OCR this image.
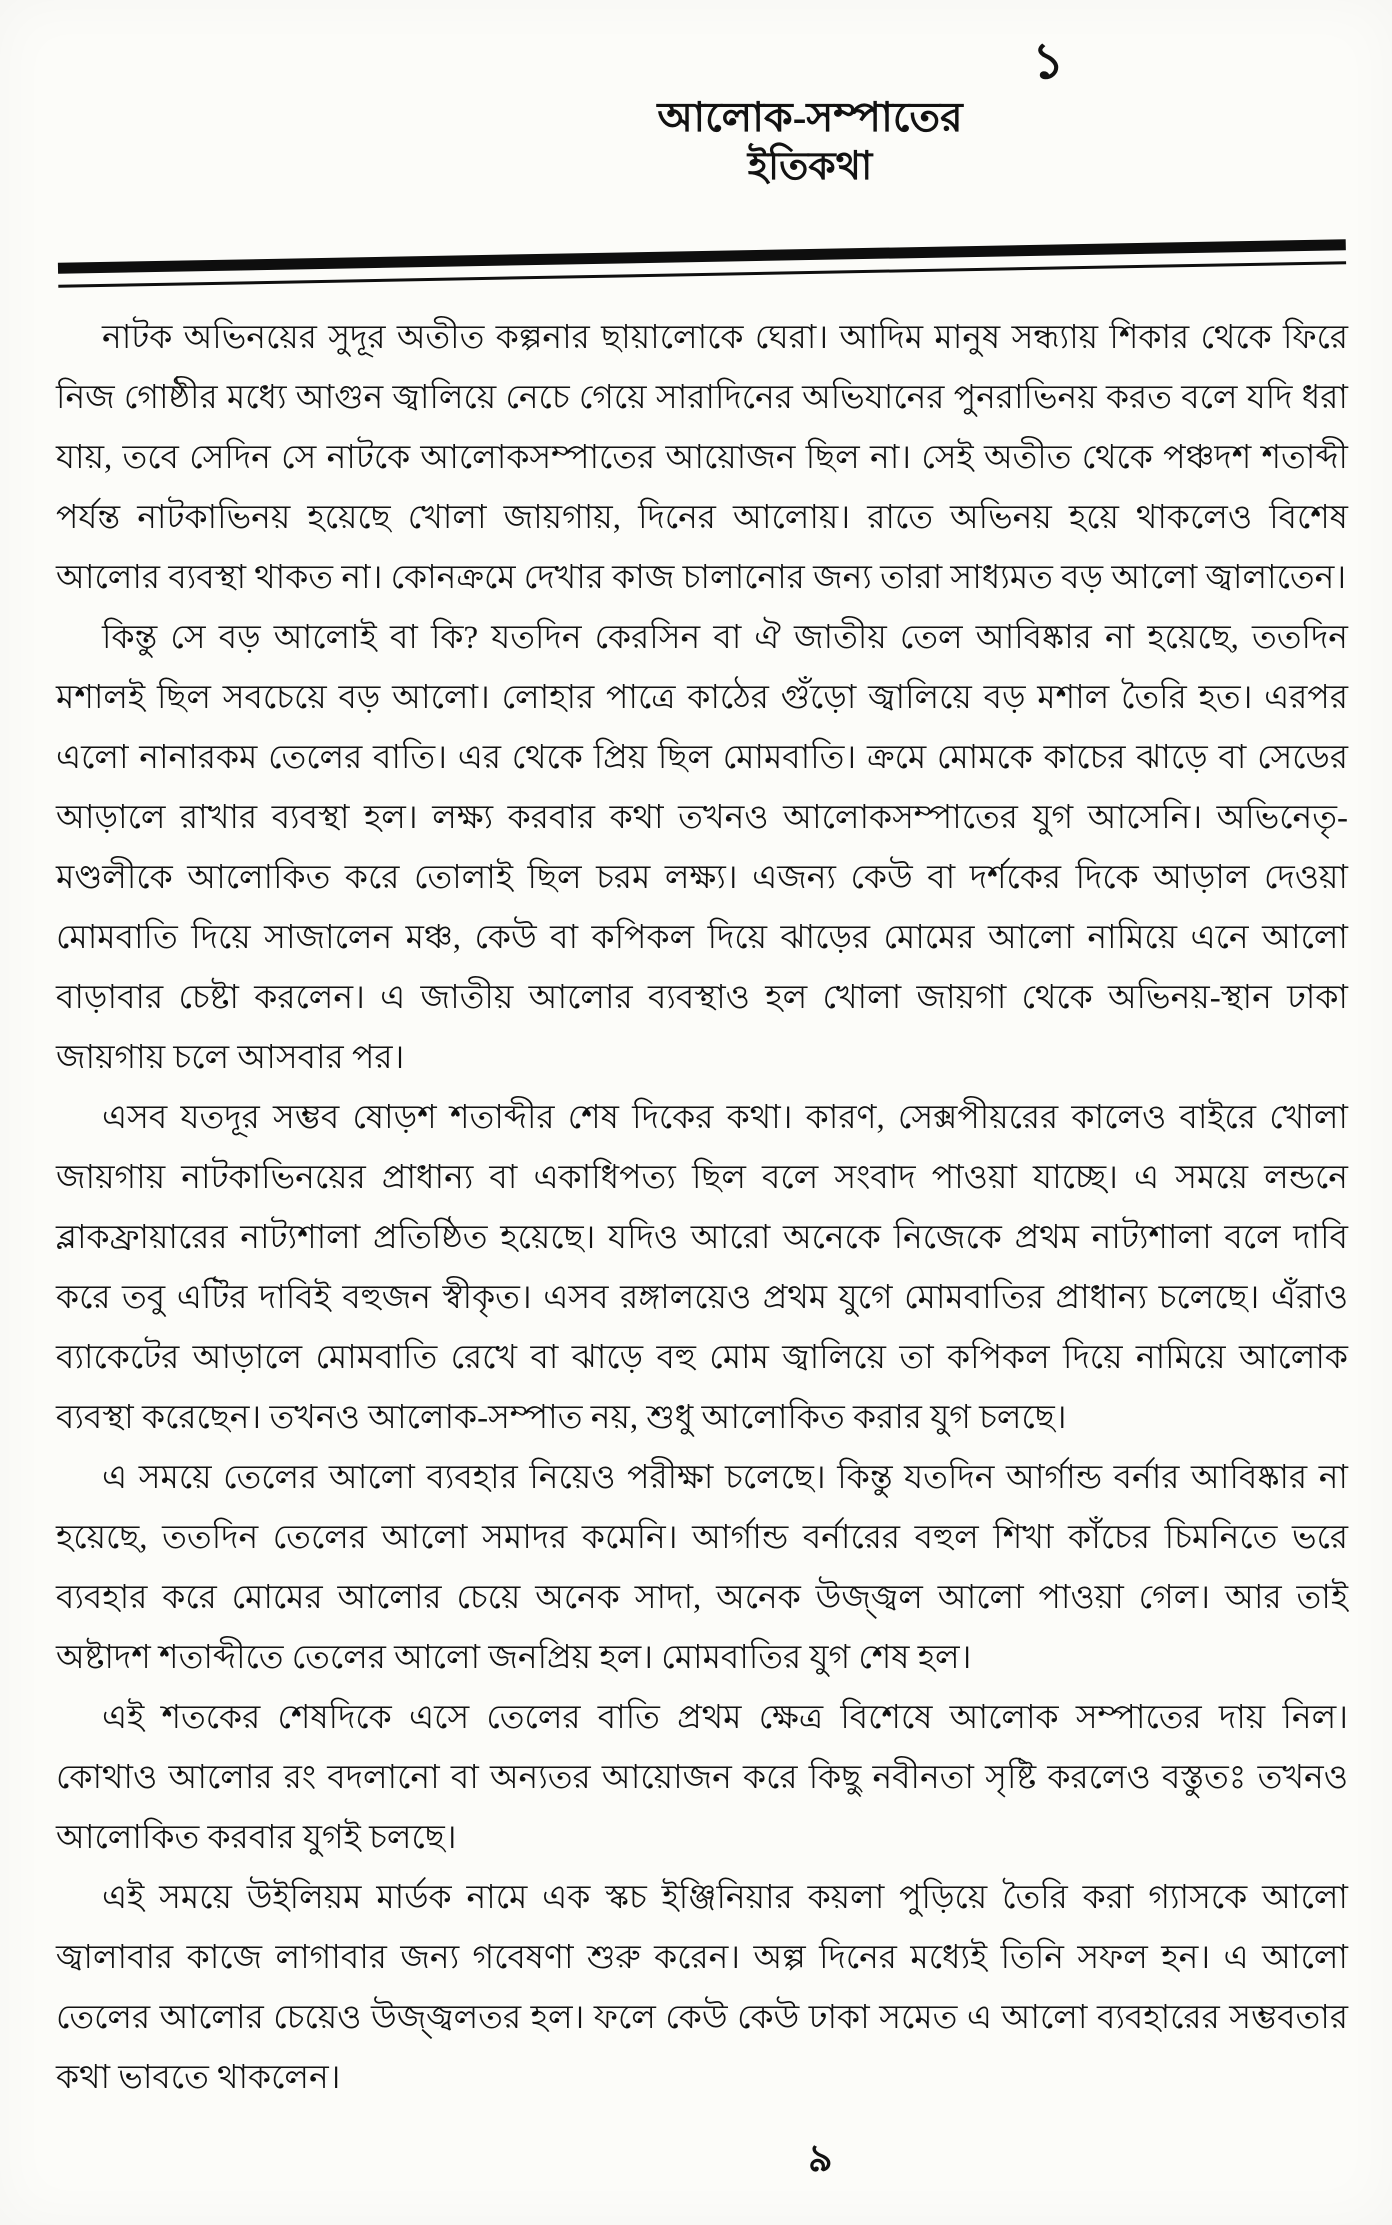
১
আলোক-সম্পাতের
ইতিকথা

নাটক অভিনয়ের সুদূর অতীত কল্পনার ছায়ালোকে ঘেরা। আদিম মানুষ সন্ধ্যায় শিকার থেকে ফিরে নিজ গোষ্ঠীর মধ্যে আগুন জ্বালিয়ে নেচে গেয়ে সারাদিনের অভিযানের পুনরাভিনয় করত বলে যদি ধরা যায়, তবে সেদিন সে নাটকে আলোকসম্পাতের আয়োজন ছিল না। সেই অতীত থেকে পঞ্চদশ শতাব্দী পর্যন্ত নাটকাভিনয় হয়েছে খোলা জায়গায়, দিনের আলোয়। রাতে অভিনয় হয়ে থাকলেও বিশেষ আলোর ব্যবস্থা থাকত না। কোনক্রমে দেখার কাজ চালানোর জন্য তারা সাধ্যমত বড় আলো জ্বালাতেন।

কিন্তু সে বড় আলোই বা কি? যতদিন কেরসিন বা ঐ জাতীয় তেল আবিষ্কার না হয়েছে, ততদিন মশালই ছিল সবচেয়ে বড় আলো। লোহার পাত্রে কাঠের গুঁড়ো জ্বালিয়ে বড় মশাল তৈরি হত। এরপর এলো নানারকম তেলের বাতি। এর থেকে প্রিয় ছিল মোমবাতি। ক্রমে মোমকে কাচের ঝাড়ে বা সেডের আড়ালে রাখার ব্যবস্থা হল। লক্ষ্য করবার কথা তখনও আলোকসম্পাতের যুগ আসেনি। অভিনেতৃ-মণ্ডলীকে আলোকিত করে তোলাই ছিল চরম লক্ষ্য। এজন্য কেউ বা দর্শকের দিকে আড়াল দেওয়া মোমবাতি দিয়ে সাজালেন মঞ্চ, কেউ বা কপিকল দিয়ে ঝাড়ের মোমের আলো নামিয়ে এনে আলো বাড়াবার চেষ্টা করলেন। এ জাতীয় আলোর ব্যবস্থাও হল খোলা জায়গা থেকে অভিনয়-স্থান ঢাকা জায়গায় চলে আসবার পর।

এসব যতদূর সম্ভব ষোড়শ শতাব্দীর শেষ দিকের কথা। কারণ, সেক্সপীয়রের কালেও বাইরে খোলা জায়গায় নাটকাভিনয়ের প্রাধান্য বা একাধিপত্য ছিল বলে সংবাদ পাওয়া যাচ্ছে। এ সময়ে লন্ডনে ব্লাকফ্রায়ারের নাট্যশালা প্রতিষ্ঠিত হয়েছে। যদিও আরো অনেকে নিজেকে প্রথম নাট্যশালা বলে দাবি করে তবু এটির দাবিই বহুজন স্বীকৃত। এসব রঙ্গালয়েও প্রথম যুগে মোমবাতির প্রাধান্য চলেছে। এঁরাও ব্যাকেটের আড়ালে মোমবাতি রেখে বা ঝাড়ে বহু মোম জ্বালিয়ে তা কপিকল দিয়ে নামিয়ে আলোক ব্যবস্থা করেছেন। তখনও আলোক-সম্পাত নয়, শুধু আলোকিত করার যুগ চলছে।

এ সময়ে তেলের আলো ব্যবহার নিয়েও পরীক্ষা চলেছে। কিন্তু যতদিন আর্গান্ড বর্নার আবিষ্কার না হয়েছে, ততদিন তেলের আলো সমাদর কমেনি। আর্গান্ড বর্নারের বহুল শিখা কাঁচের চিমনিতে ভরে ব্যবহার করে মোমের আলোর চেয়ে অনেক সাদা, অনেক উজ্জ্বল আলো পাওয়া গেল। আর তাই অষ্টাদশ শতাব্দীতে তেলের আলো জনপ্রিয় হল। মোমবাতির যুগ শেষ হল।

এই শতকের শেষদিকে এসে তেলের বাতি প্রথম ক্ষেত্র বিশেষে আলোক সম্পাতের দায় নিল। কোথাও আলোর রং বদলানো বা অন্যতর আয়োজন করে কিছু নবীনতা সৃষ্টি করলেও বস্তুতঃ তখনও আলোকিত করবার যুগই চলছে।

এই সময়ে উইলিয়ম মার্ডক নামে এক স্কচ ইঞ্জিনিয়ার কয়লা পুড়িয়ে তৈরি করা গ্যাসকে আলো জ্বালাবার কাজে লাগাবার জন্য গবেষণা শুরু করেন। অল্প দিনের মধ্যেই তিনি সফল হন। এ আলো তেলের আলোর চেয়েও উজ্জ্বলতর হল। ফলে কেউ কেউ ঢাকা সমেত এ আলো ব্যবহারের সম্ভবতার কথা ভাবতে থাকলেন।

৯
